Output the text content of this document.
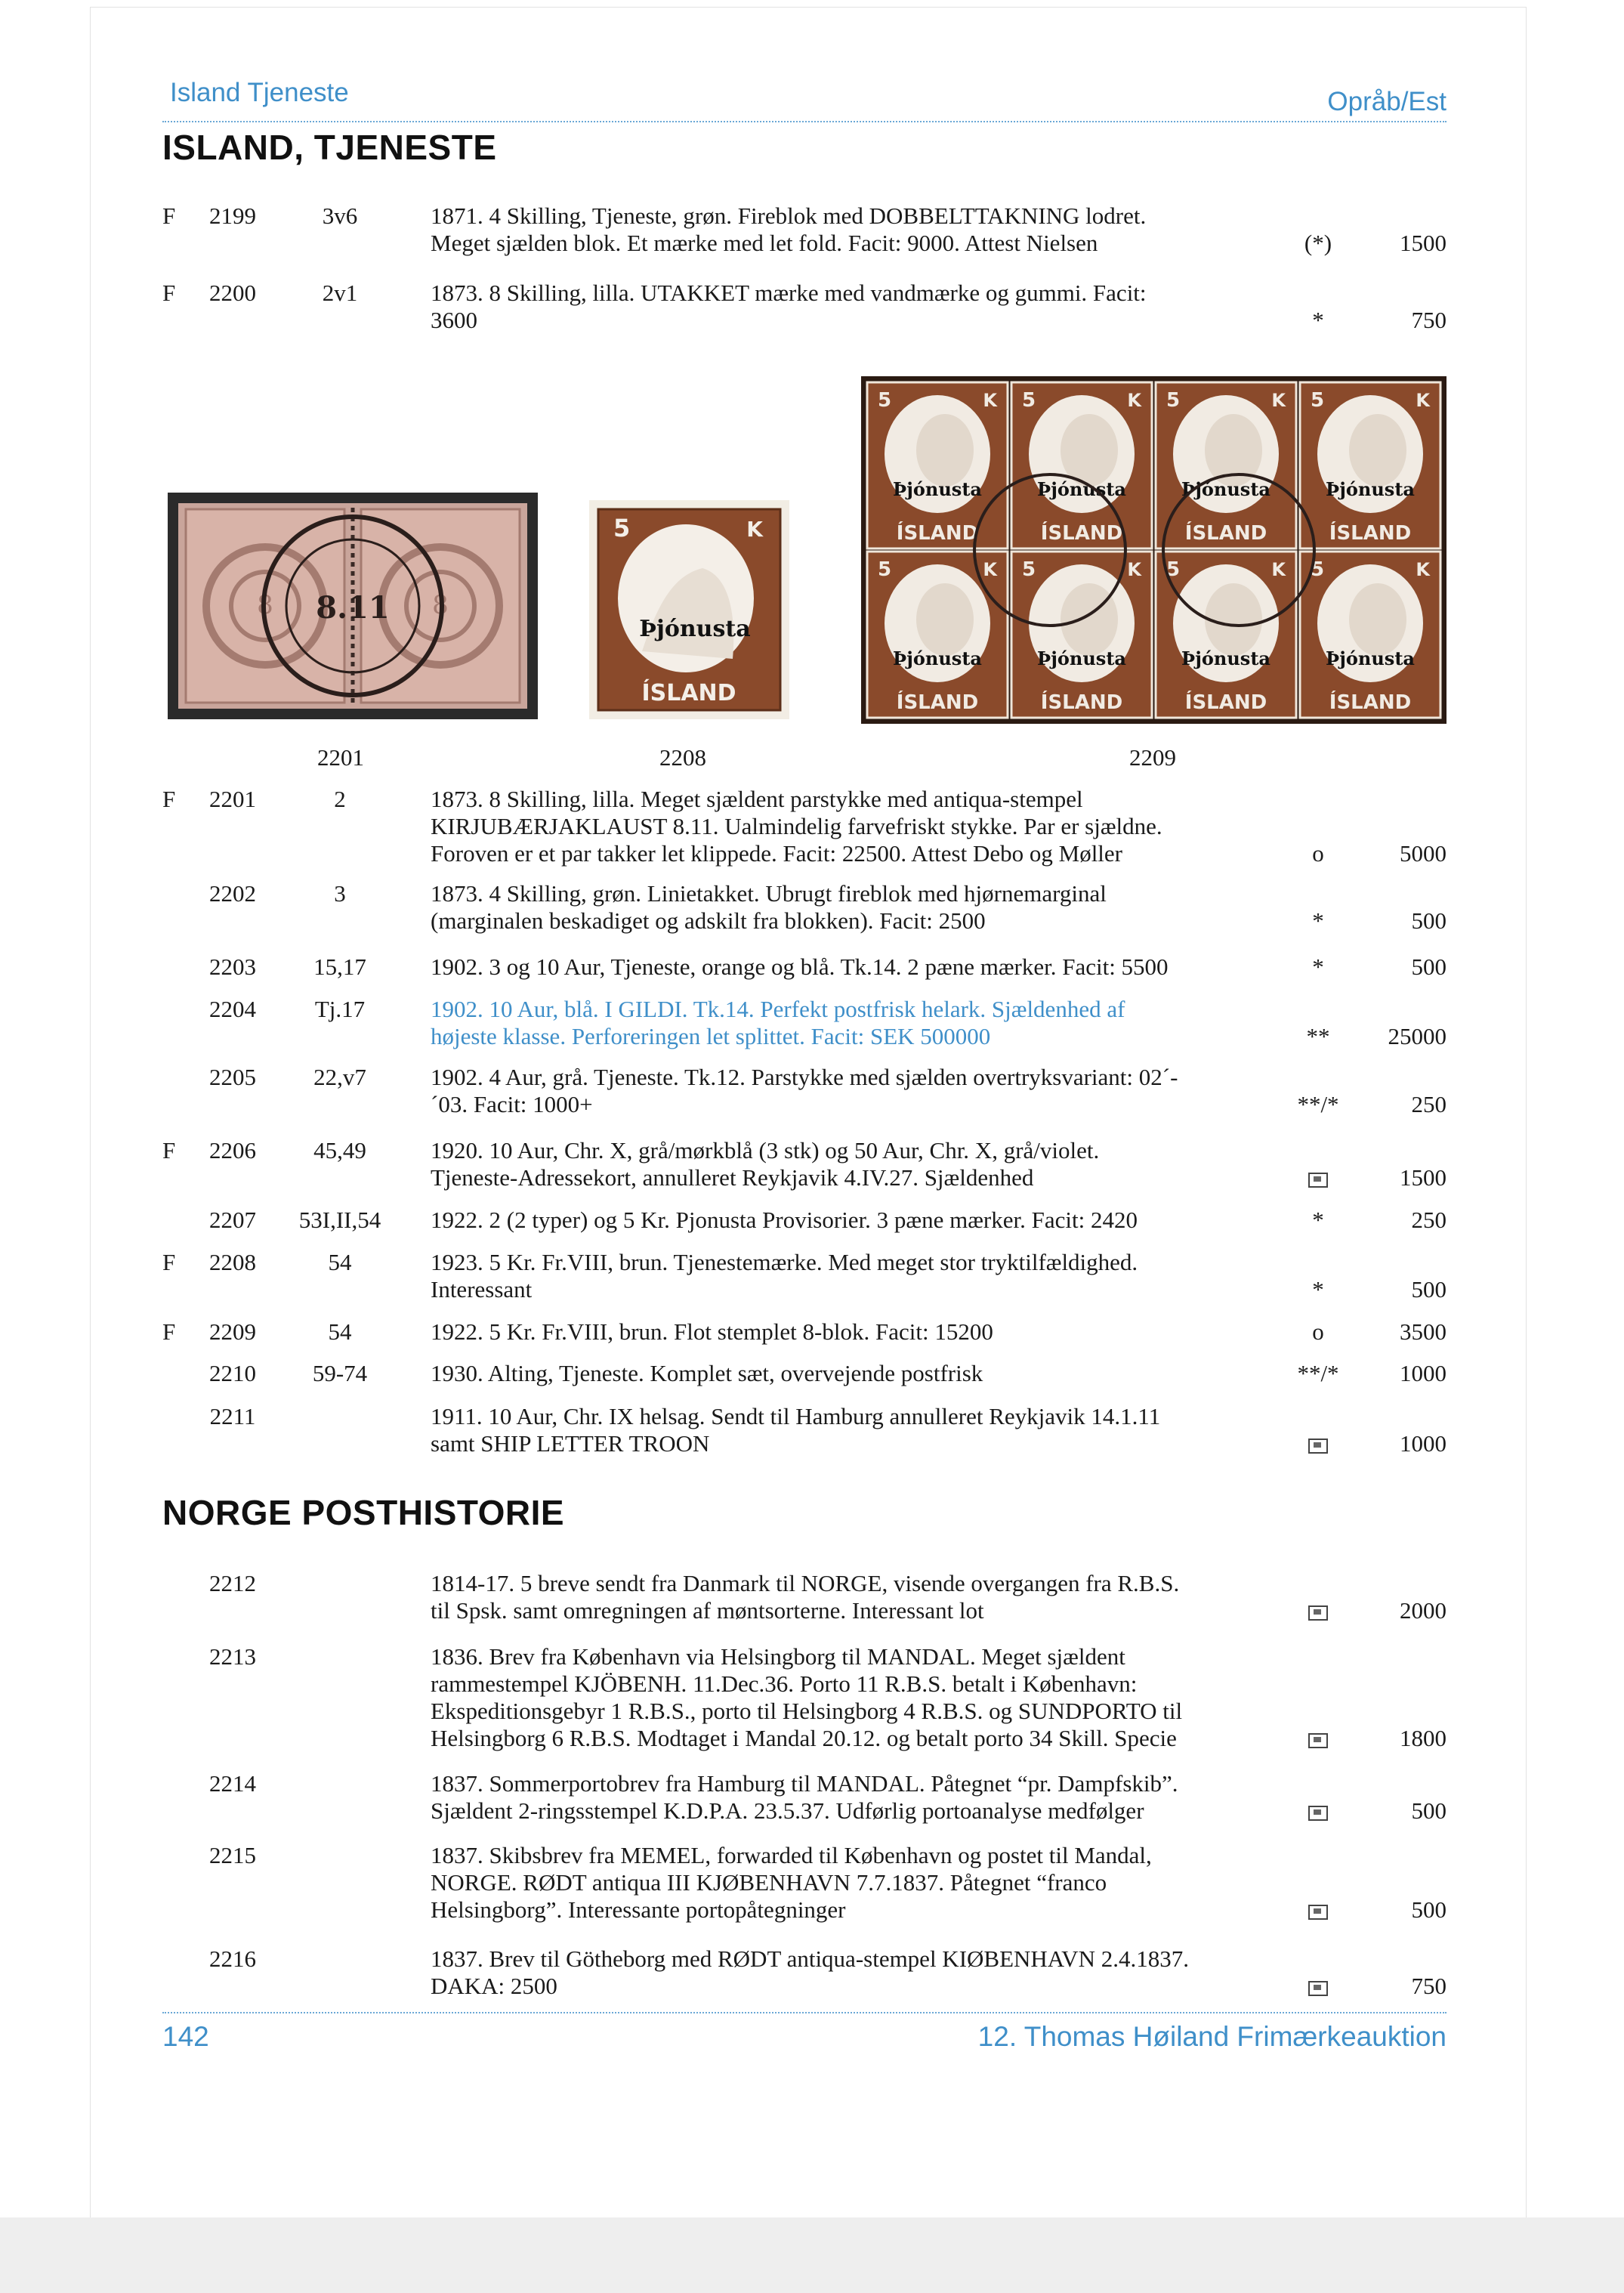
Island Tjeneste	Opråb/Est
ISLAND, TJENESTE
F	2199	3v6	1871. 4 Skilling, Tjeneste, grøn. Fireblok med DOBBELTTAKNING lodret.
Meget sjælden blok. Et mærke med let fold. Facit: 9000. Attest Nielsen	(*)	1500
F	2200	2v1	1873. 8 Skilling, lilla. UTAKKET mærke med vandmærke og gummi. Facit:
3600	*	750
8	8
8.11
ÍSLAND
5	K
Þjónusta
ÍSLAND
Þjónusta
5	K
ÍSLAND
Þjónusta
5	K
ÍSLAND
Þjónusta
5	K
ÍSLAND
Þjónusta
5	K
ÍSLAND
Þjónusta
5	K
ÍSLAND
Þjónusta
5	K
ÍSLAND
Þjónusta
5	K
ÍSLAND
Þjónusta
5	K
2201	2208	2209
F	2201	2	1873. 8 Skilling, lilla. Meget sjældent parstykke med antiqua-stempel
KIRJUBÆRJAKLAUST 8.11. Ualmindelig farvefriskt stykke. Par er sjældne.
Foroven er et par takker let klippede. Facit: 22500. Attest Debo og Møller	o	5000
2202	3	1873. 4 Skilling, grøn. Linietakket. Ubrugt fireblok med hjørnemarginal
(marginalen beskadiget og adskilt fra blokken). Facit: 2500	*	500
2203	15,17	1902. 3 og 10 Aur, Tjeneste, orange og blå. Tk.14. 2 pæne mærker. Facit: 5500	*	500
2204	Tj.17	1902. 10 Aur, blå. I GILDI. Tk.14. Perfekt postfrisk helark. Sjældenhed af
højeste klasse. Perforeringen let splittet. Facit: SEK 500000	**	25000
2205	22,v7	1902. 4 Aur, grå. Tjeneste. Tk.12. Parstykke med sjælden overtryksvariant: 02´-
´03. Facit: 1000+	**/*	250
F	2206	45,49	1920. 10 Aur, Chr. X, grå/mørkblå (3 stk) og 50 Aur, Chr. X, grå/violet.
Tjeneste-Adressekort, annulleret Reykjavik 4.IV.27. Sjældenhed	1500
2207	53I,II,54	1922. 2 (2 typer) og 5 Kr. Pjonusta Provisorier. 3 pæne mærker. Facit: 2420	*	250
F	2208	54	1923. 5 Kr. Fr.VIII, brun. Tjenestemærke. Med meget stor tryktilfældighed.
Interessant	*	500
F	2209	54	1922. 5 Kr. Fr.VIII, brun. Flot stemplet 8-blok. Facit: 15200	o	3500
2210	59-74	1930. Alting, Tjeneste. Komplet sæt, overvejende postfrisk	**/*	1000
2211	1911. 10 Aur, Chr. IX helsag. Sendt til Hamburg annulleret Reykjavik 14.1.11
samt SHIP LETTER TROON	1000
NORGE POSTHISTORIE
2212	1814-17. 5 breve sendt fra Danmark til NORGE, visende overgangen fra R.B.S.
til Spsk. samt omregningen af møntsorterne. Interessant lot	2000
2213	1836. Brev fra København via Helsingborg til MANDAL. Meget sjældent
rammestempel KJÖBENH. 11.Dec.36. Porto 11 R.B.S. betalt i København:
Ekspeditionsgebyr 1 R.B.S., porto til Helsingborg 4 R.B.S. og SUNDPORTO til
Helsingborg 6 R.B.S. Modtaget i Mandal 20.12. og betalt porto 34 Skill. Specie	1800
2214	1837. Sommerportobrev fra Hamburg til MANDAL. Påtegnet “pr. Dampfskib”.
Sjældent 2-ringsstempel K.D.P.A. 23.5.37. Udførlig portoanalyse medfølger	500
2215	1837. Skibsbrev fra MEMEL, forwarded til København og postet til Mandal,
NORGE. RØDT antiqua III KJØBENHAVN 7.7.1837. Påtegnet “franco
Helsingborg”. Interessante portopåtegninger	500
2216	1837. Brev til Götheborg med RØDT antiqua-stempel KIØBENHAVN 2.4.1837.
DAKA: 2500	750
142	12. Thomas Høiland Frimærkeauktion
